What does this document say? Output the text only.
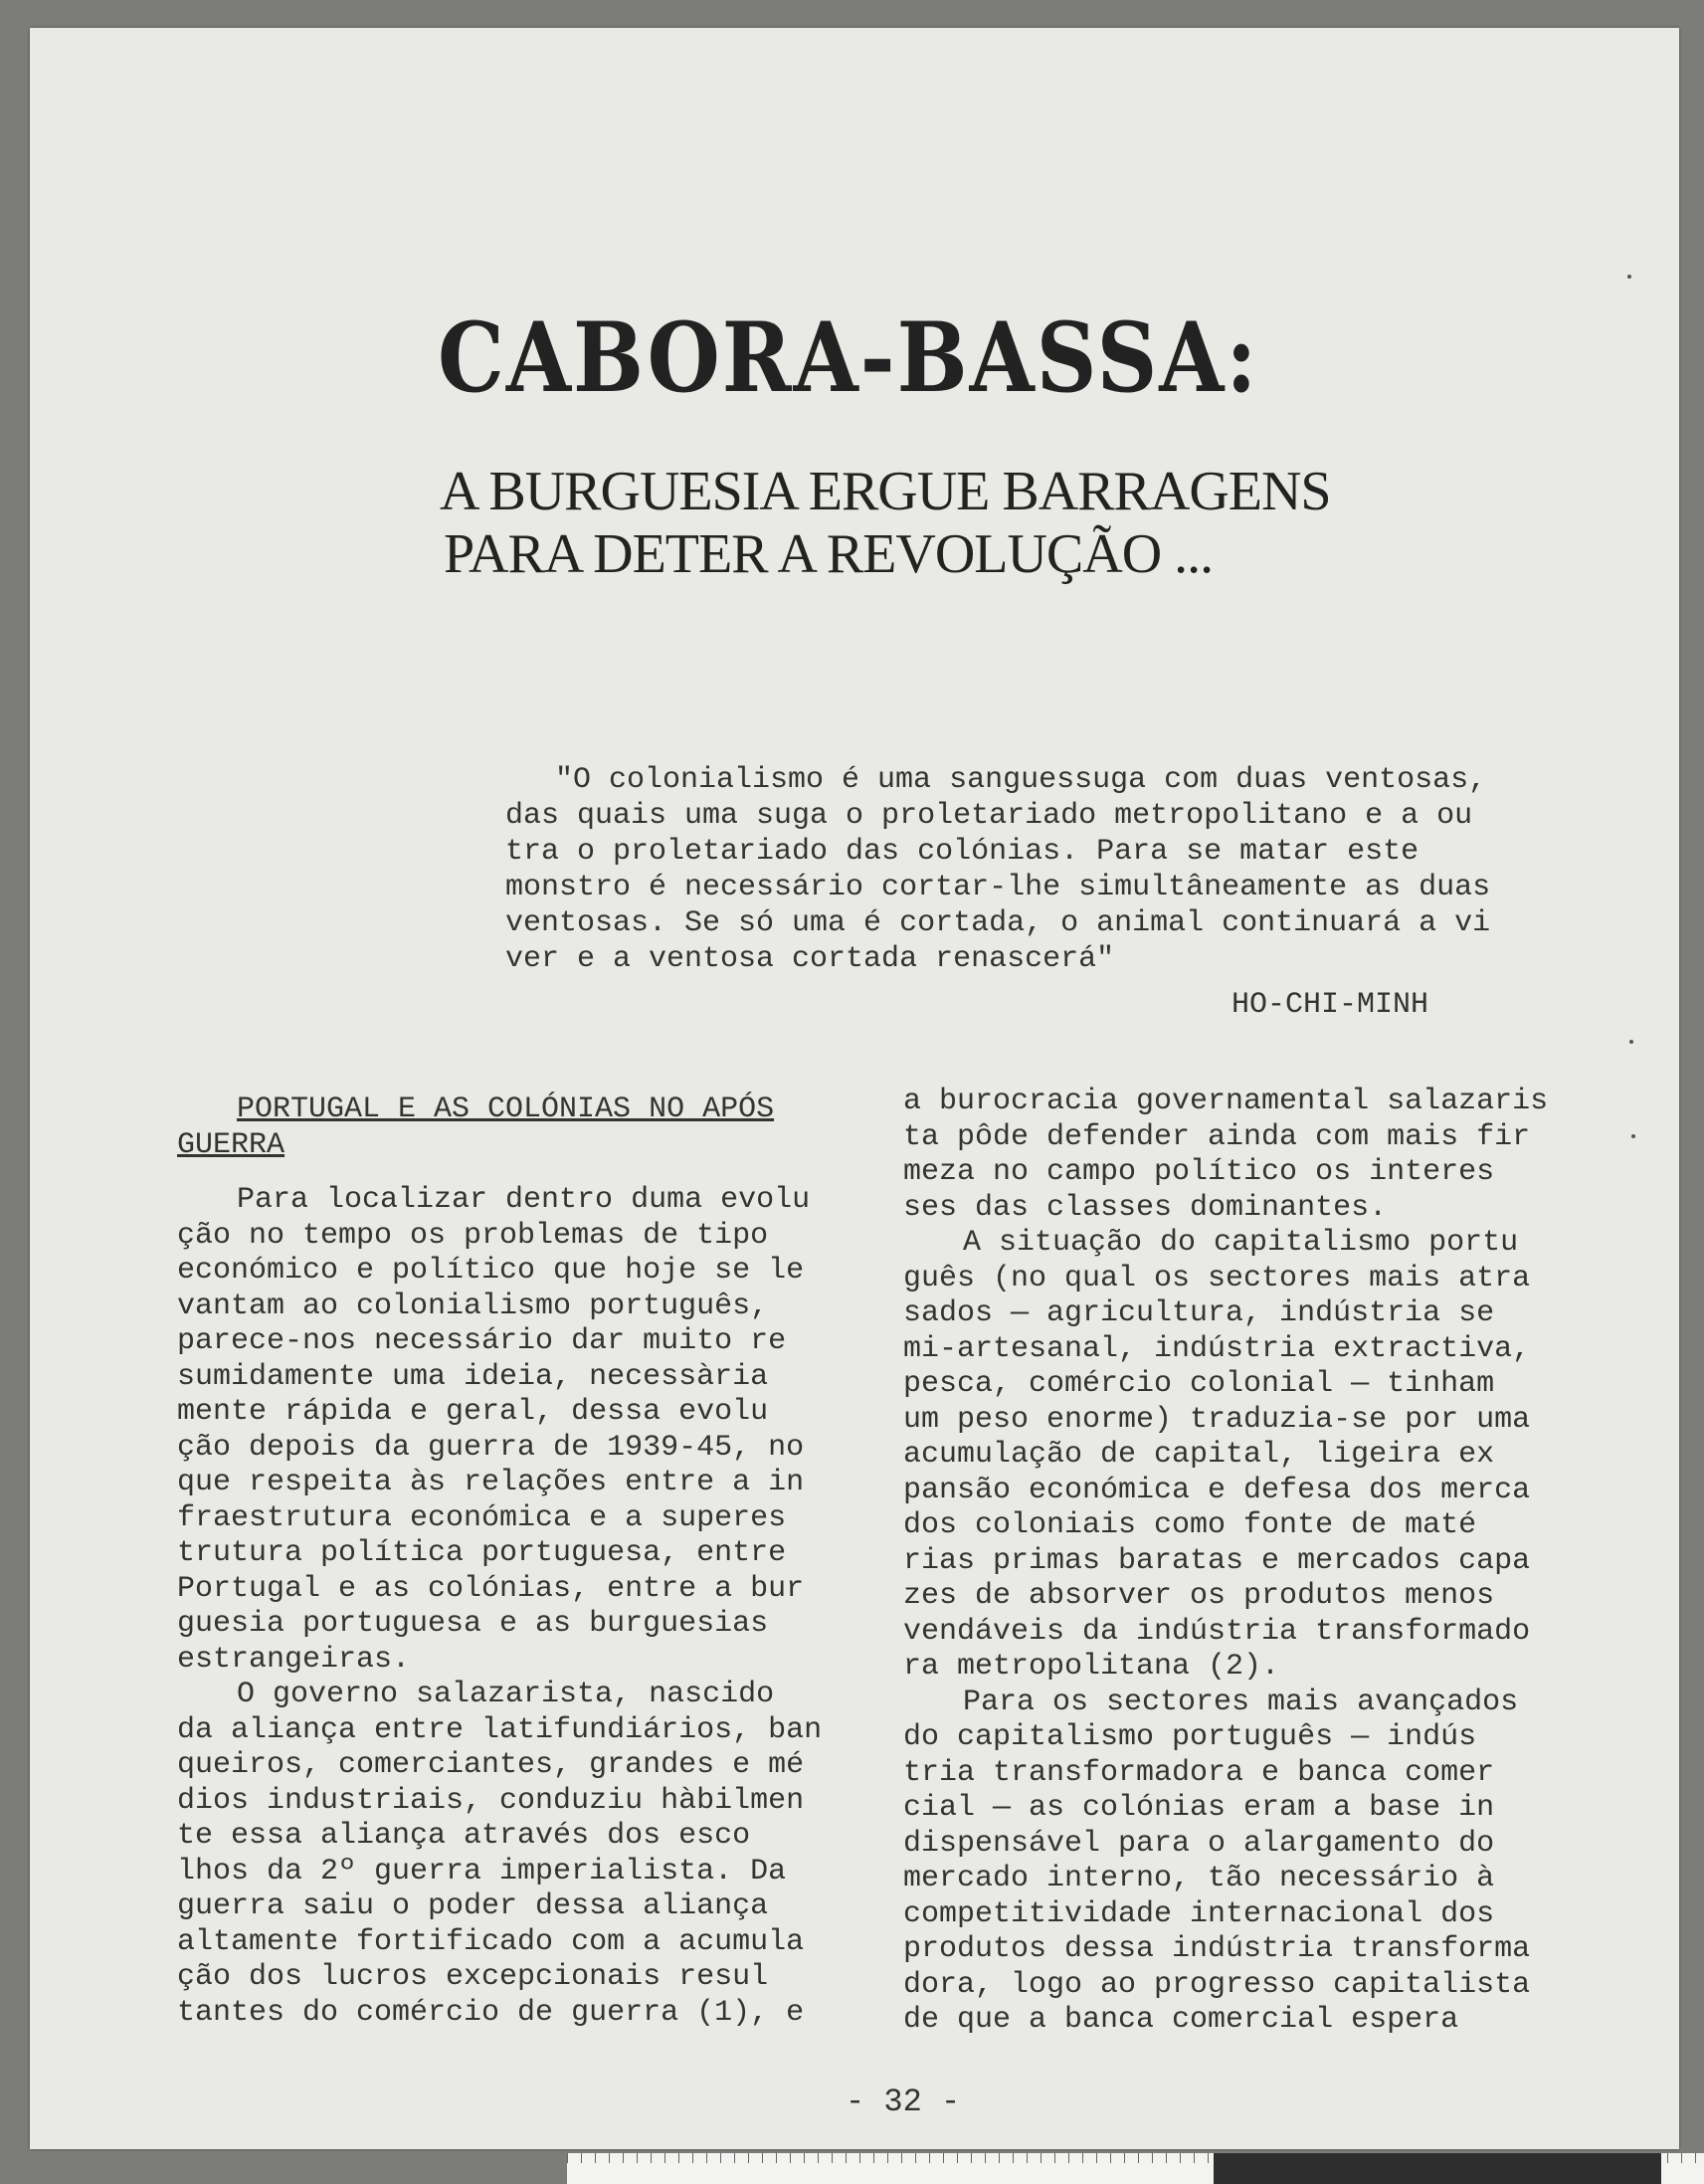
CABORA-BASSA:
A BURGUESIA ERGUE BARRAGENS
PARA DETER A REVOLUÇÃO ...
"O colonialismo é uma sanguessuga com duas ventosas,
das quais uma suga o proletariado metropolitano e a ou
tra o proletariado das colónias. Para se matar este
monstro é necessário cortar-lhe simultâneamente as duas
ventosas. Se só uma é cortada, o animal continuará a vi
ver e a ventosa cortada renascerá"
HO-CHI-MINH
PORTUGAL E AS COLÓNIAS NO APÓS
GUERRA
Para localizar dentro duma evolu
ção no tempo os problemas de tipo
económico e político que hoje se le
vantam ao colonialismo português,
parece-nos necessário dar muito re
sumidamente uma ideia, necessària
mente rápida e geral, dessa evolu
ção depois da guerra de 1939-45, no
que respeita às relações entre a in
fraestrutura económica e a superes
trutura política portuguesa, entre
Portugal e as colónias, entre a bur
guesia portuguesa e as burguesias
estrangeiras.
O governo salazarista, nascido
da aliança entre latifundiários, ban
queiros, comerciantes, grandes e mé
dios industriais, conduziu hàbilmen
te essa aliança através dos esco
lhos da 2º guerra imperialista. Da
guerra saiu o poder dessa aliança
altamente fortificado com a acumula
ção dos lucros excepcionais resul
tantes do comércio de guerra (1), e
a burocracia governamental salazaris
ta pôde defender ainda com mais fir
meza no campo político os interes
ses das classes dominantes.
A situação do capitalismo portu
guês (no qual os sectores mais atra
sados — agricultura, indústria se
mi-artesanal, indústria extractiva,
pesca, comércio colonial — tinham
um peso enorme) traduzia-se por uma
acumulação de capital, ligeira ex
pansão económica e defesa dos merca
dos coloniais como fonte de maté
rias primas baratas e mercados capa
zes de absorver os produtos menos
vendáveis da indústria transformado
ra metropolitana (2).
Para os sectores mais avançados
do capitalismo português — indús
tria transformadora e banca comer
cial — as colónias eram a base in
dispensável para o alargamento do
mercado interno, tão necessário à
competitividade internacional dos
produtos dessa indústria transforma
dora, logo ao progresso capitalista
de que a banca comercial espera
- 32 -
